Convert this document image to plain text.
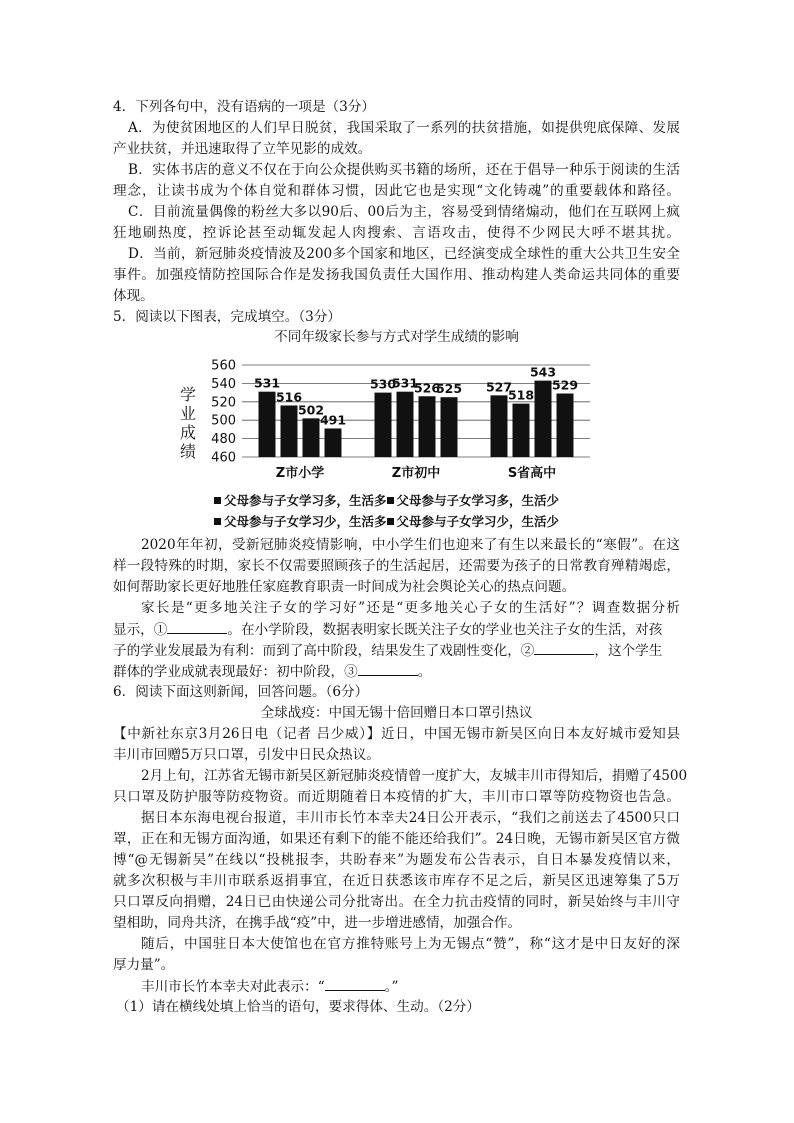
4．下列各句中，没有语病的一项是（3分）
A．为使贫困地区的人们早日脱贫，我国采取了一系列的扶贫措施，如提供兜底保障、发展
产业扶贫，并迅速取得了立竿见影的成效。
B．实体书店的意义不仅在于向公众提供购买书籍的场所，还在于倡导一种乐于阅读的生活
理念，让读书成为个体自觉和群体习惯，因此它也是实现“文化铸魂”的重要载体和路径。
C．目前流量偶像的粉丝大多以90后、00后为主，容易受到情绪煽动，他们在互联网上疯
狂地刷热度，控诉论甚至动辄发起人肉搜索、言语攻击，使得不少网民大呼不堪其扰。
D．当前，新冠肺炎疫情波及200多个国家和地区，已经演变成全球性的重大公共卫生安全
事件。加强疫情防控国际合作是发扬我国负责任大国作用、推动构建人类命运共同体的重要
体现。
5．阅读以下图表，完成填空。（3分）
不同年级家长参与方式对学生成绩的影响
学
业
成
绩 460
480
500
520
540
560
531
516
502
491
530
531
526
525 527
518
543
529
Z市小学	Z市初中	S省高中
父母参与子女学习多，生活多 父母参与子女学习多，生活少
父母参与子女学习少，生活多 父母参与子女学习少，生活少
2020年年初，受新冠肺炎疫情影响，中小学生们也迎来了有生以来最长的“寒假”。在这
样一段特殊的时期，家长不仅需要照顾孩子的生活起居，还需要为孩子的日常教育殚精竭虑，
如何帮助家长更好地胜任家庭教育职责一时间成为社会舆论关心的热点问题。
家长是“更多地关注子女的学习好”还是“更多地关心子女的生活好”？调查数据分析
显示，①	。在小学阶段，数据表明家长既关注子女的学业也关注子女的生活，对孩
子的学业发展最为有利：而到了高中阶段，结果发生了戏剧性变化，②	，这个学生
群体的学业成就表现最好：初中阶段，③	。
6．阅读下面这则新闻，回答问题。（6分）
全球战疫：中国无锡十倍回赠日本口罩引热议
【中新社东京3月26日电（记者 吕少威）】近日，中国无锡市新吴区向日本友好城市爱知县
丰川市回赠5万只口罩，引发中日民众热议。
2月上旬，江苏省无锡市新吴区新冠肺炎疫情曾一度扩大，友城丰川市得知后，捐赠了4500
只口罩及防护服等防疫物资。而近期随着日本疫情的扩大，丰川市口罩等防疫物资也告急。
据日本东海电视台报道，丰川市长竹本幸夫24日公开表示，“我们之前送去了4500只口
罩，正在和无锡方面沟通，如果还有剩下的能不能还给我们”。24日晚，无锡市新吴区官方微
博“@无锡新吴”在线以“投桃报李，共盼春来”为题发布公告表示，自日本暴发疫情以来，
就多次积极与丰川市联系返捐事宜，在近日获悉该市库存不足之后，新吴区迅速筹集了5万
只口罩反向捐赠，24日已由快递公司分批寄出。在全力抗击疫情的同时，新吴始终与丰川守
望相助，同舟共济，在携手战“疫”中，进一步增进感情，加强合作。
随后，中国驻日本大使馆也在官方推特账号上为无锡点“赞”，称“这才是中日友好的深
厚力量”。
丰川市长竹本幸夫对此表示：“	。”
（1）请在横线处填上恰当的语句，要求得体、生动。（2分）
